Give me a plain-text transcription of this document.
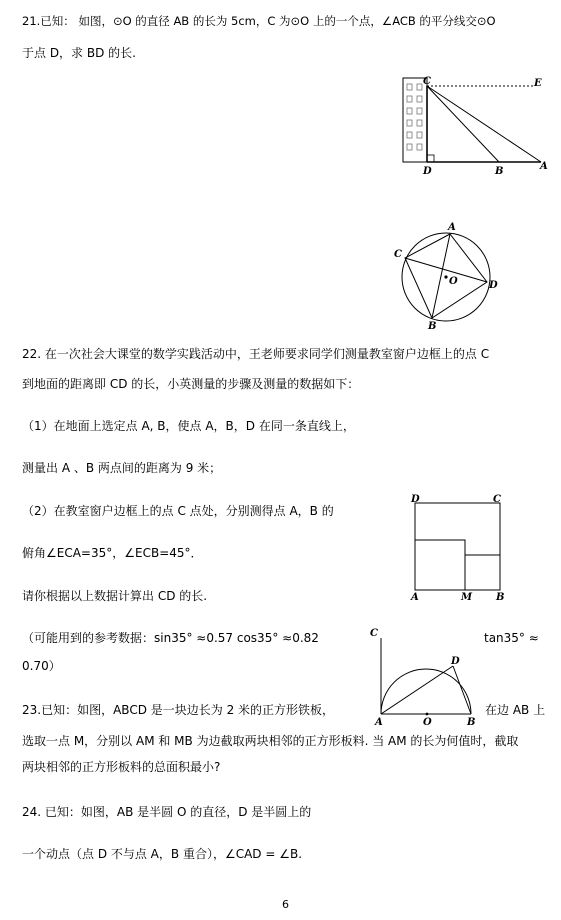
21.已知： 如图，⊙O 的直径 AB 的长为 5cm，C 为⊙O 上的一个点，∠ACB 的平分线交⊙O
于点 D，求 BD 的长.
C	E
D	B	A
A
C
O	D
B
22. 在一次社会大课堂的数学实践活动中，王老师要求同学们测量教室窗户边框上的点 C
到地面的距离即 CD 的长，小英测量的步骤及测量的数据如下：
（1）在地面上选定点 A, B，使点 A，B，D 在同一条直线上，
测量出 A 、B 两点间的距离为 9 米；
（2）在教室窗户边框上的点 C 点处，分别测得点 A，B 的
俯角∠ECA=35°，∠ECB=45°．
请你根据以上数据计算出 CD 的长.
（可能用到的参考数据：sin35° ≈0.57 cos35° ≈0.82	tan35° ≈
0.70）
D	C
A	M B
C
D
A	O	B
23.已知：如图，ABCD 是一块边长为 2 米的正方形铁板，	在边 AB 上
选取一点 M，分别以 AM 和 MB 为边截取两块相邻的正方形板料. 当 AM 的长为何值时，截取
两块相邻的正方形板料的总面积最小?
24. 已知：如图，AB 是半圆 O 的直径，D 是半圆上的
一个动点（点 D 不与点 A，B 重合），∠CAD = ∠B.
6
